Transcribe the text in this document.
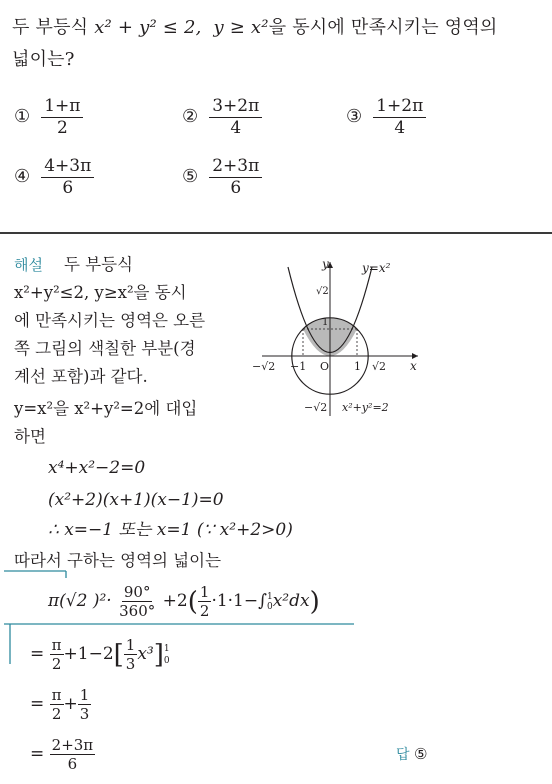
두 부등식 x² + y² ≤ 2, y ≥ x²을 동시에 만족시키는 영역의
넓이는?
① $\frac{1+\pi}{2}$	② $\frac{3+2\pi}{4}$	③ $\frac{1+2\pi}{4}$
④ $\frac{4+3\pi}{6}$	⑤ $\frac{2+3\pi}{6}$
해설 두 부등식
x²+y²≤2, y≥x²을 동시
에 만족시키는 영역은 오른
쪽 그림의 색칠한 부분(경
계선 포함)과 같다.
y=x²을 x²+y²=2에 대입
하면
y=x²
y
√2
1
−√2 −1 O 1 √2 x
−√2 x²+y²=2
x⁴+x²−2=0
(x²+2)(x+1)(x−1)=0
∴ x=−1 또는 x=1 (∵ x²+2>0)
따라서 구하는 영역의 넓이는
π(√2 )$^2\cdot \frac{90^\circ}{360^\circ} +2( \frac{1}{2} \cdot 1\cdot 1-\int$ 1
0 x²dx)
= $\frac{\pi}{2} +1-2[ \frac{1}{3} x^3]$ 1
0
= $\frac{\pi}{2} + \frac{1}{3}$
= $\frac{2+3\pi}{6}$	답 ⑤
